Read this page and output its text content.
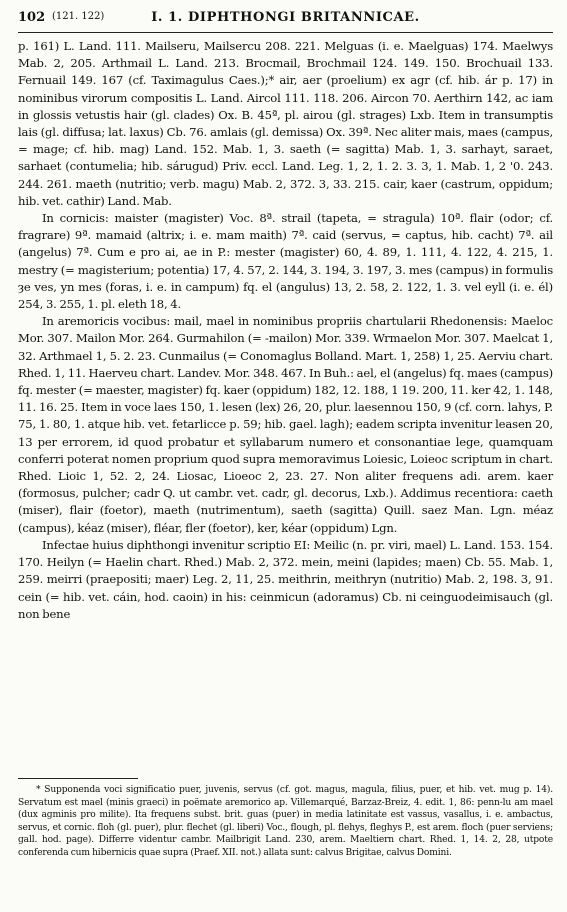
102 (121. 122)	I. 1. DIPHTHONGI BRITANNICAE.

p. 161) L. Land. 111. Mailseru, Mailsercu 208. 221. Melguas (i. e. Maelguas) 174. Maelwys Mab. 2, 205. Arthmail L. Land. 213. Brocmail, Brochmail 124. 149. 150. Brochuail 133. Fernuail 149. 167 (cf. Taximagulus Caes.);* air, aer (proelium) ex agr (cf. hib. ár p. 17) in nominibus virorum compositis L. Land. Aircol 111. 118. 206. Aircon 70. Aerthirn 142, ac iam in glossis vetustis hair (gl. clades) Ox. B. 45ª, pl. airou (gl. strages) Lxb. Item in transumptis lais (gl. diffusa; lat. laxus) Cb. 76. amlais (gl. demissa) Ox. 39ª. Nec aliter mais, maes (campus, = mage; cf. hib. mag) Land. 152. Mab. 1, 3. saeth (= sagitta) Mab. 1, 3. sarhayt, saraet, sarhaet (contumelia; hib. sárugud) Priv. eccl. Land. Leg. 1, 2, 1. 2. 3. 3, 1. Mab. 1, 2 '0. 243. 244. 261. maeth (nutritio; verb. magu) Mab. 2, 372. 3, 33. 215. cair, kaer (castrum, oppidum; hib. vet. cathir) Land. Mab.

In cornicis: maister (magister) Voc. 8ª. strail (tapeta, = stragula) 10ª. flair (odor; cf. fragrare) 9ª. mamaid (altrix; i. e. mam maith) 7ª. caid (servus, = captus, hib. cacht) 7ª. ail (angelus) 7ª. Cum e pro ai, ae in P.: mester (magister) 60, 4. 89, 1. 111, 4. 122, 4. 215, 1. mestry (= magisterium; potentia) 17, 4. 57, 2. 144, 3. 194, 3. 197, 3. mes (campus) in formulis ȝe ves, yn mes (foras, i. e. in campum) fq. el (angulus) 13, 2. 58, 2. 122, 1. 3. vel eyll (i. e. él) 254, 3. 255, 1. pl. eleth 18, 4.

In aremoricis vocibus: mail, mael in nominibus propriis chartularii Rhedonensis: Maeloc Mor. 307. Mailon Mor. 264. Gurmahilon (= -mailon) Mor. 339. Wrmaelon Mor. 307. Maelcat 1, 32. Arthmael 1, 5. 2. 23. Cunmailus (= Conomaglus Bolland. Mart. 1, 258) 1, 25. Aerviu chart. Rhed. 1, 11. Haerveu chart. Landev. Mor. 348. 467. In Buh.: ael, el (angelus) fq. maes (campus) fq. mester (= maester, magister) fq. kaer (oppidum) 182, 12. 188, 1 19. 200, 11. ker 42, 1. 148, 11. 16. 25. Item in voce laes 150, 1. lesen (lex) 26, 20, plur. laesennou 150, 9 (cf. corn. lahys, P. 75, 1. 80, 1. atque hib. vet. fetarlicce p. 59; hib. gael. lagh); eadem scripta invenitur leasen 20, 13 per errorem, id quod probatur et syllabarum numero et consonantiae lege, quamquam conferri poterat nomen proprium quod supra memoravimus Loiesic, Loieoc scriptum in chart. Rhed. Lioic 1, 52. 2, 24. Liosac, Lioeoc 2, 23. 27. Non aliter frequens adi. arem. kaer (formosus, pulcher; cadr Q. ut cambr. vet. cadr, gl. decorus, Lxb.). Addimus recentiora: caeth (miser), flair (foetor), maeth (nutrimentum), saeth (sagitta) Quill. saez Man. Lgn. méaz (campus), kéaz (miser), fléar, fler (foetor), ker, kéar (oppidum) Lgn.

Infectae huius diphthongi invenitur scriptio EI: Meilic (n. pr. viri, mael) L. Land. 153. 154. 170. Heilyn (= Haelin chart. Rhed.) Mab. 2, 372. mein, meini (lapides; maen) Cb. 55. Mab. 1, 259. meirri (praepositi; maer) Leg. 2, 11, 25. meithrin, meithryn (nutritio) Mab. 2, 198. 3, 91. cein (= hib. vet. cáin, hod. caoin) in his: ceinmicun (adoramus) Cb. ni ceinguodeimisauch (gl. non bene

* Supponenda voci significatio puer, juvenis, servus (cf. got. magus, magula, filius, puer, et hib. vet. mug p. 14). Servatum est mael (minis graeci) in poëmate aremorico ap. Villemarqué, Barzaz-Breiz, 4. edit. 1, 86: penn-lu am mael (dux agminis pro milite). Ita frequens subst. brit. guas (puer) in media latinitate est vassus, vasallus, i. e. ambactus, servus, et cornic. floh (gl. puer), plur. flechet (gl. liberi) Voc., flough, pl. flehys, fleghys P., est arem. floch (puer serviens; gall. hod. page). Differre videntur cambr. Mailbrigit Land. 230, arem. Maeltiern chart. Rhed. 1, 14. 2, 28, utpote conferenda cum hibernicis quae supra (Praef. XII. not.) allata sunt: calvus Brigitae, calvus Domini.
